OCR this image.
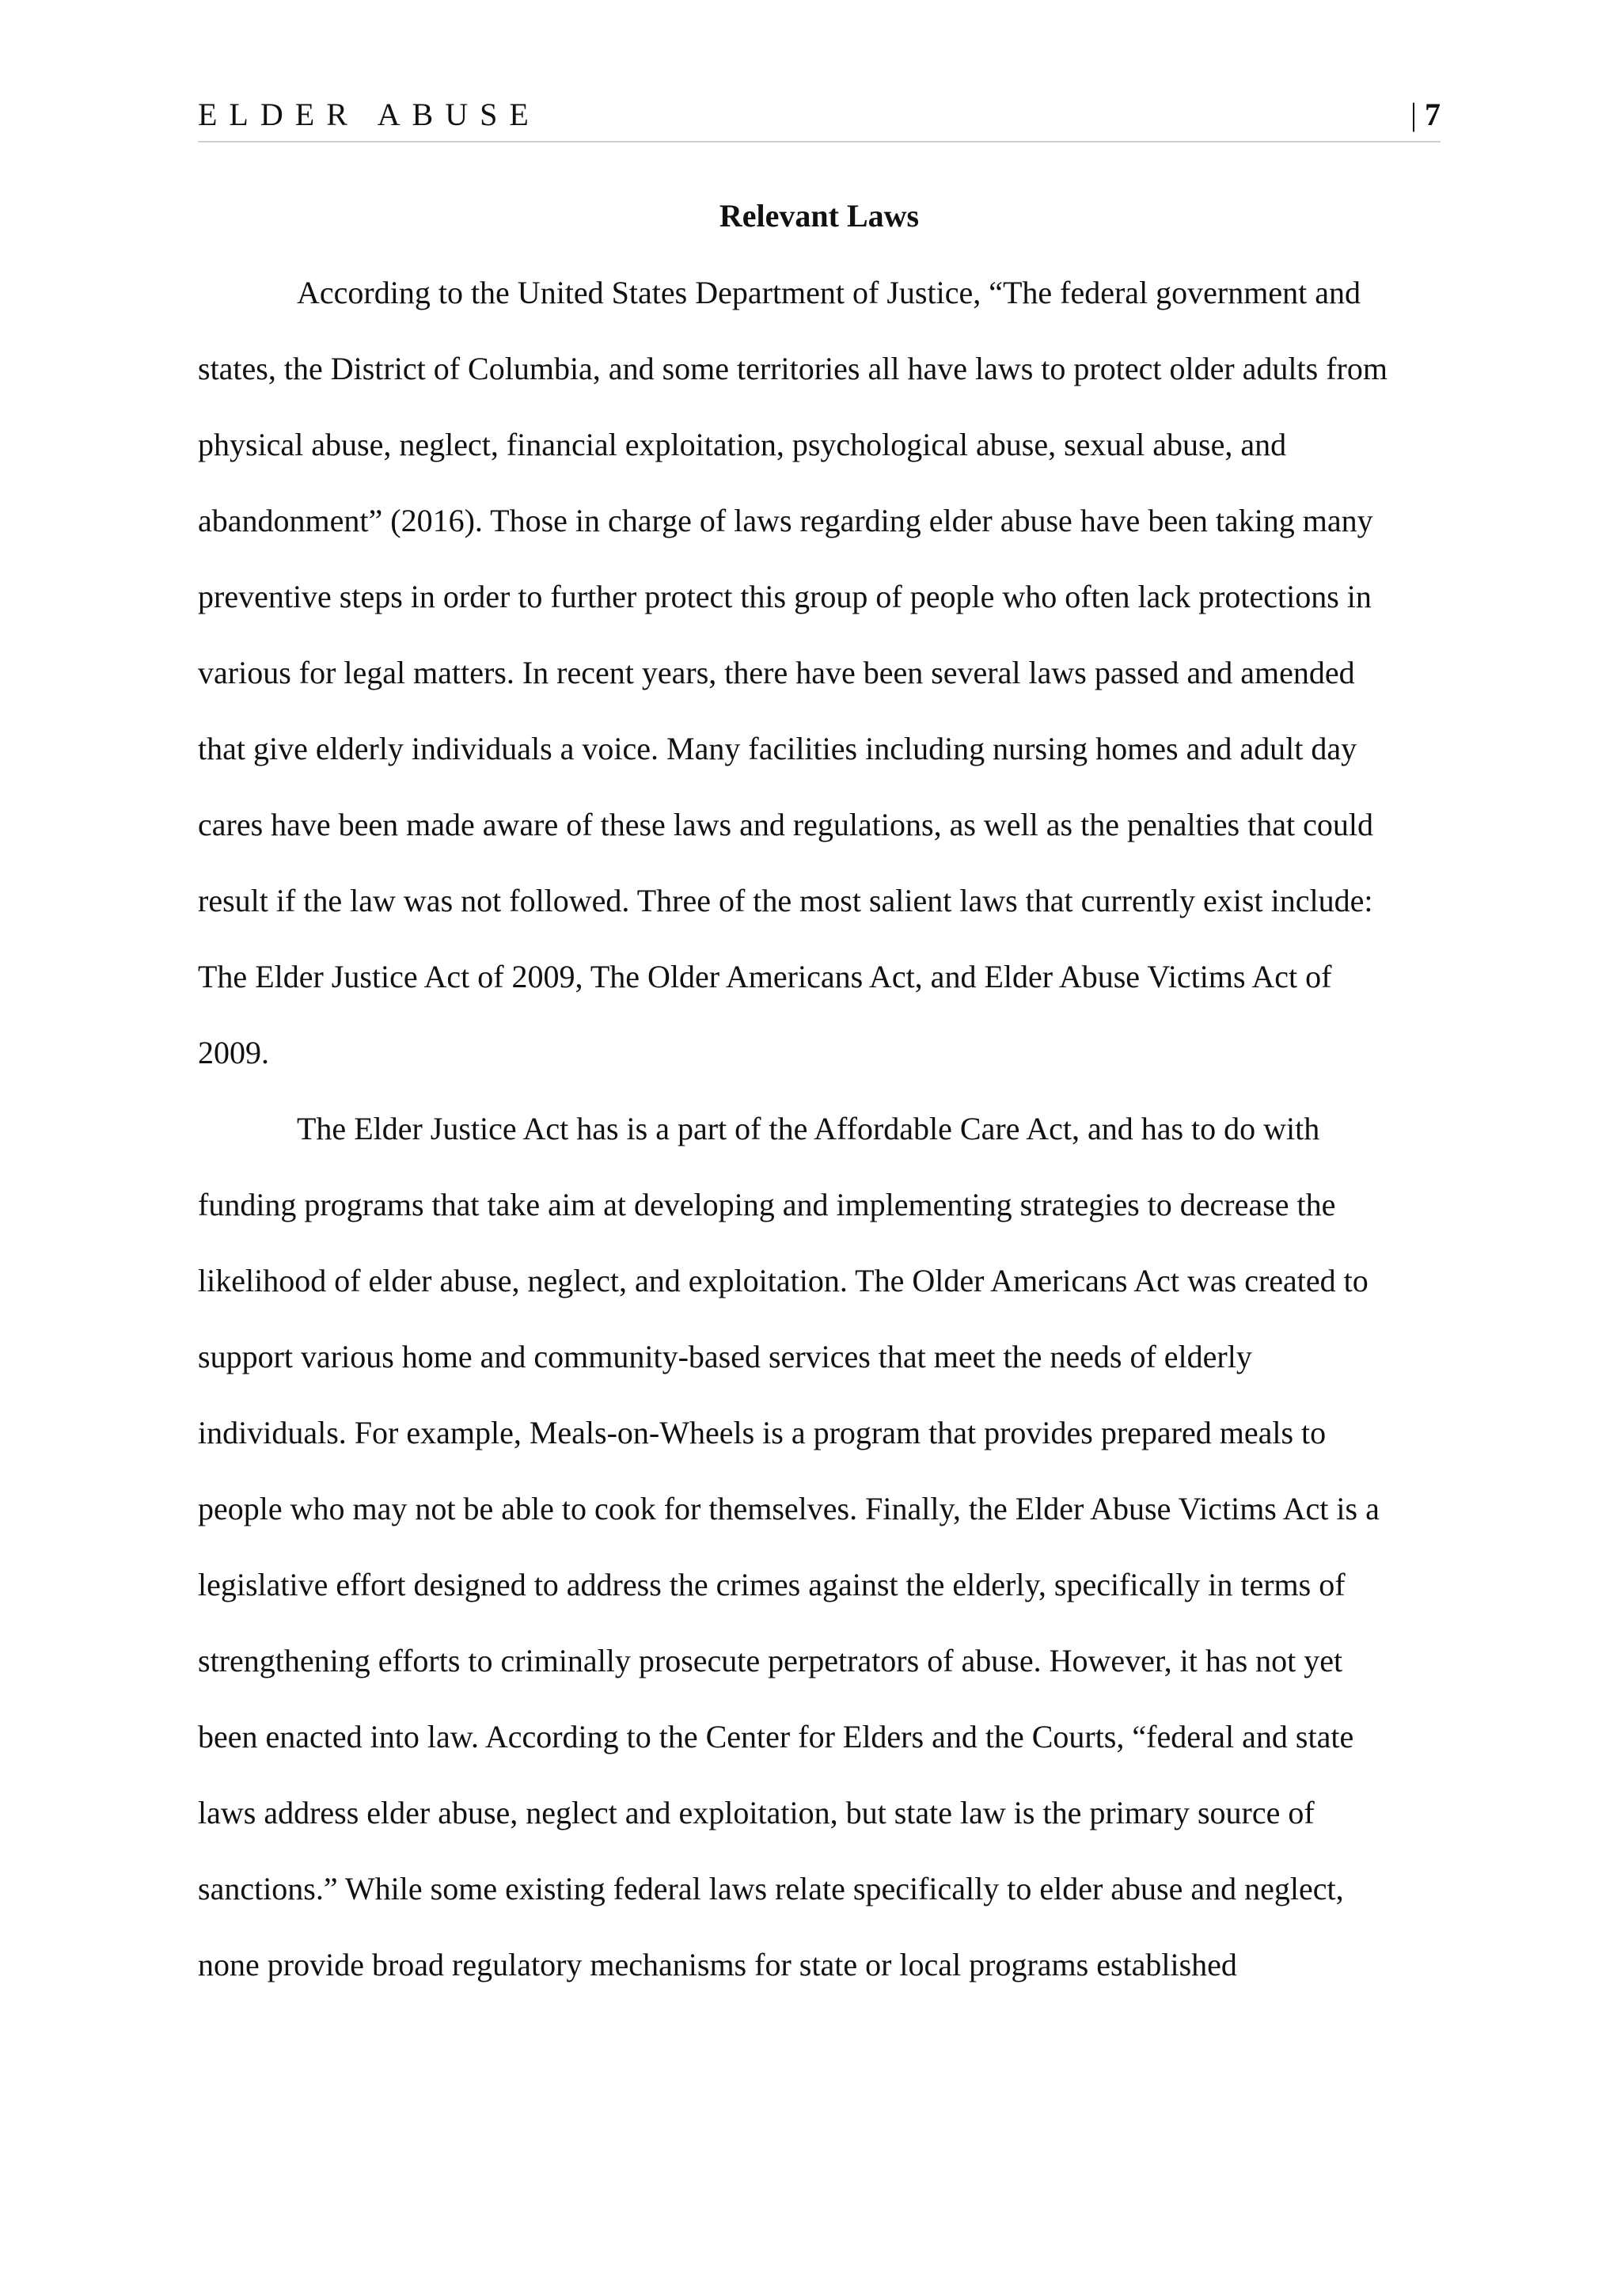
ELDER ABUSE	| 7
Relevant Laws
According to the United States Department of Justice, “The federal government and
states, the District of Columbia, and some territories all have laws to protect older adults from
physical abuse, neglect, financial exploitation, psychological abuse, sexual abuse, and
abandonment” (2016). Those in charge of laws regarding elder abuse have been taking many
preventive steps in order to further protect this group of people who often lack protections in
various for legal matters. In recent years, there have been several laws passed and amended
that give elderly individuals a voice. Many facilities including nursing homes and adult day
cares have been made aware of these laws and regulations, as well as the penalties that could
result if the law was not followed. Three of the most salient laws that currently exist include:
The Elder Justice Act of 2009, The Older Americans Act, and Elder Abuse Victims Act of
2009.
The Elder Justice Act has is a part of the Affordable Care Act, and has to do with
funding programs that take aim at developing and implementing strategies to decrease the
likelihood of elder abuse, neglect, and exploitation. The Older Americans Act was created to
support various home and community-based services that meet the needs of elderly
individuals. For example, Meals-on-Wheels is a program that provides prepared meals to
people who may not be able to cook for themselves. Finally, the Elder Abuse Victims Act is a
legislative effort designed to address the crimes against the elderly, specifically in terms of
strengthening efforts to criminally prosecute perpetrators of abuse. However, it has not yet
been enacted into law. According to the Center for Elders and the Courts, “federal and state
laws address elder abuse, neglect and exploitation, but state law is the primary source of
sanctions.” While some existing federal laws relate specifically to elder abuse and neglect,
none provide broad regulatory mechanisms for state or local programs established
